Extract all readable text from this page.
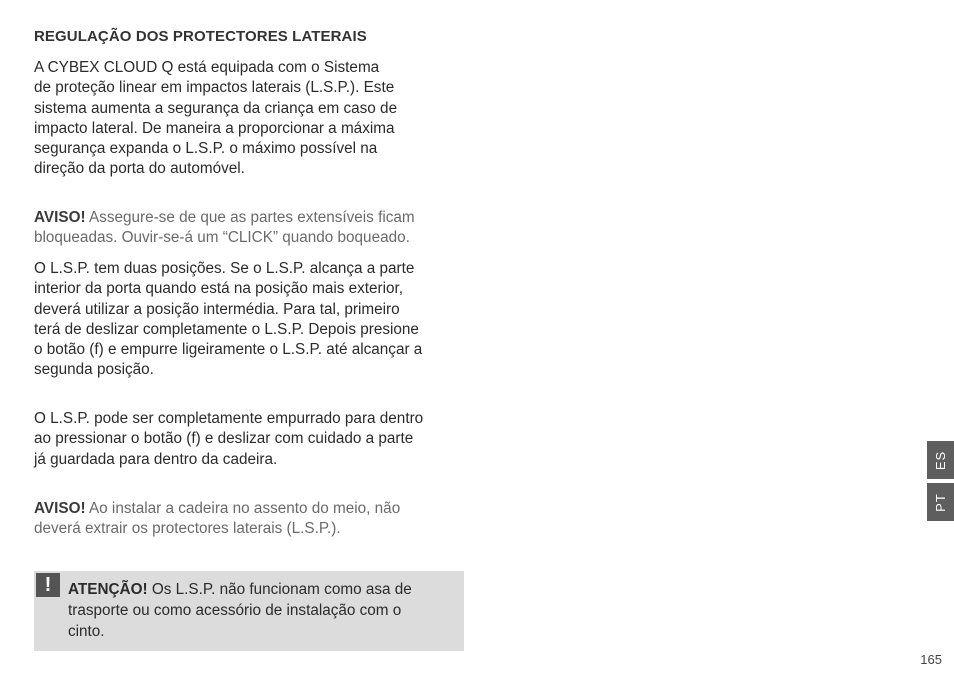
REGULAÇÃO DOS PROTECTORES LATERAIS
A CYBEX CLOUD Q está equipada com o Sistema
de proteção linear em impactos laterais (L.S.P.). Este
sistema aumenta a segurança da criança em caso de
impacto lateral. De maneira a proporcionar a máxima
segurança expanda o L.S.P. o máximo possível na
direção da porta do automóvel.
AVISO! Assegure-se de que as partes extensíveis ficam
bloqueadas. Ouvir-se-á um “CLICK” quando boqueado.
O L.S.P. tem duas posições. Se o L.S.P. alcança a parte
interior da porta quando está na posição mais exterior,
deverá utilizar a posição intermédia. Para tal, primeiro
terá de deslizar completamente o L.S.P. Depois presione
o botão (f) e empurre ligeiramente o L.S.P. até alcançar a
segunda posição.
O L.S.P. pode ser completamente empurrado para dentro
ao pressionar o botão (f) e deslizar com cuidado a parte
já guardada para dentro da cadeira.
AVISO! Ao instalar a cadeira no assento do meio, não
deverá extrair os protectores laterais (L.S.P.).
!	ATENÇÃO! Os L.S.P. não funcionam como asa de
trasporte ou como acessório de instalação com o
cinto.
ES
PT
165
